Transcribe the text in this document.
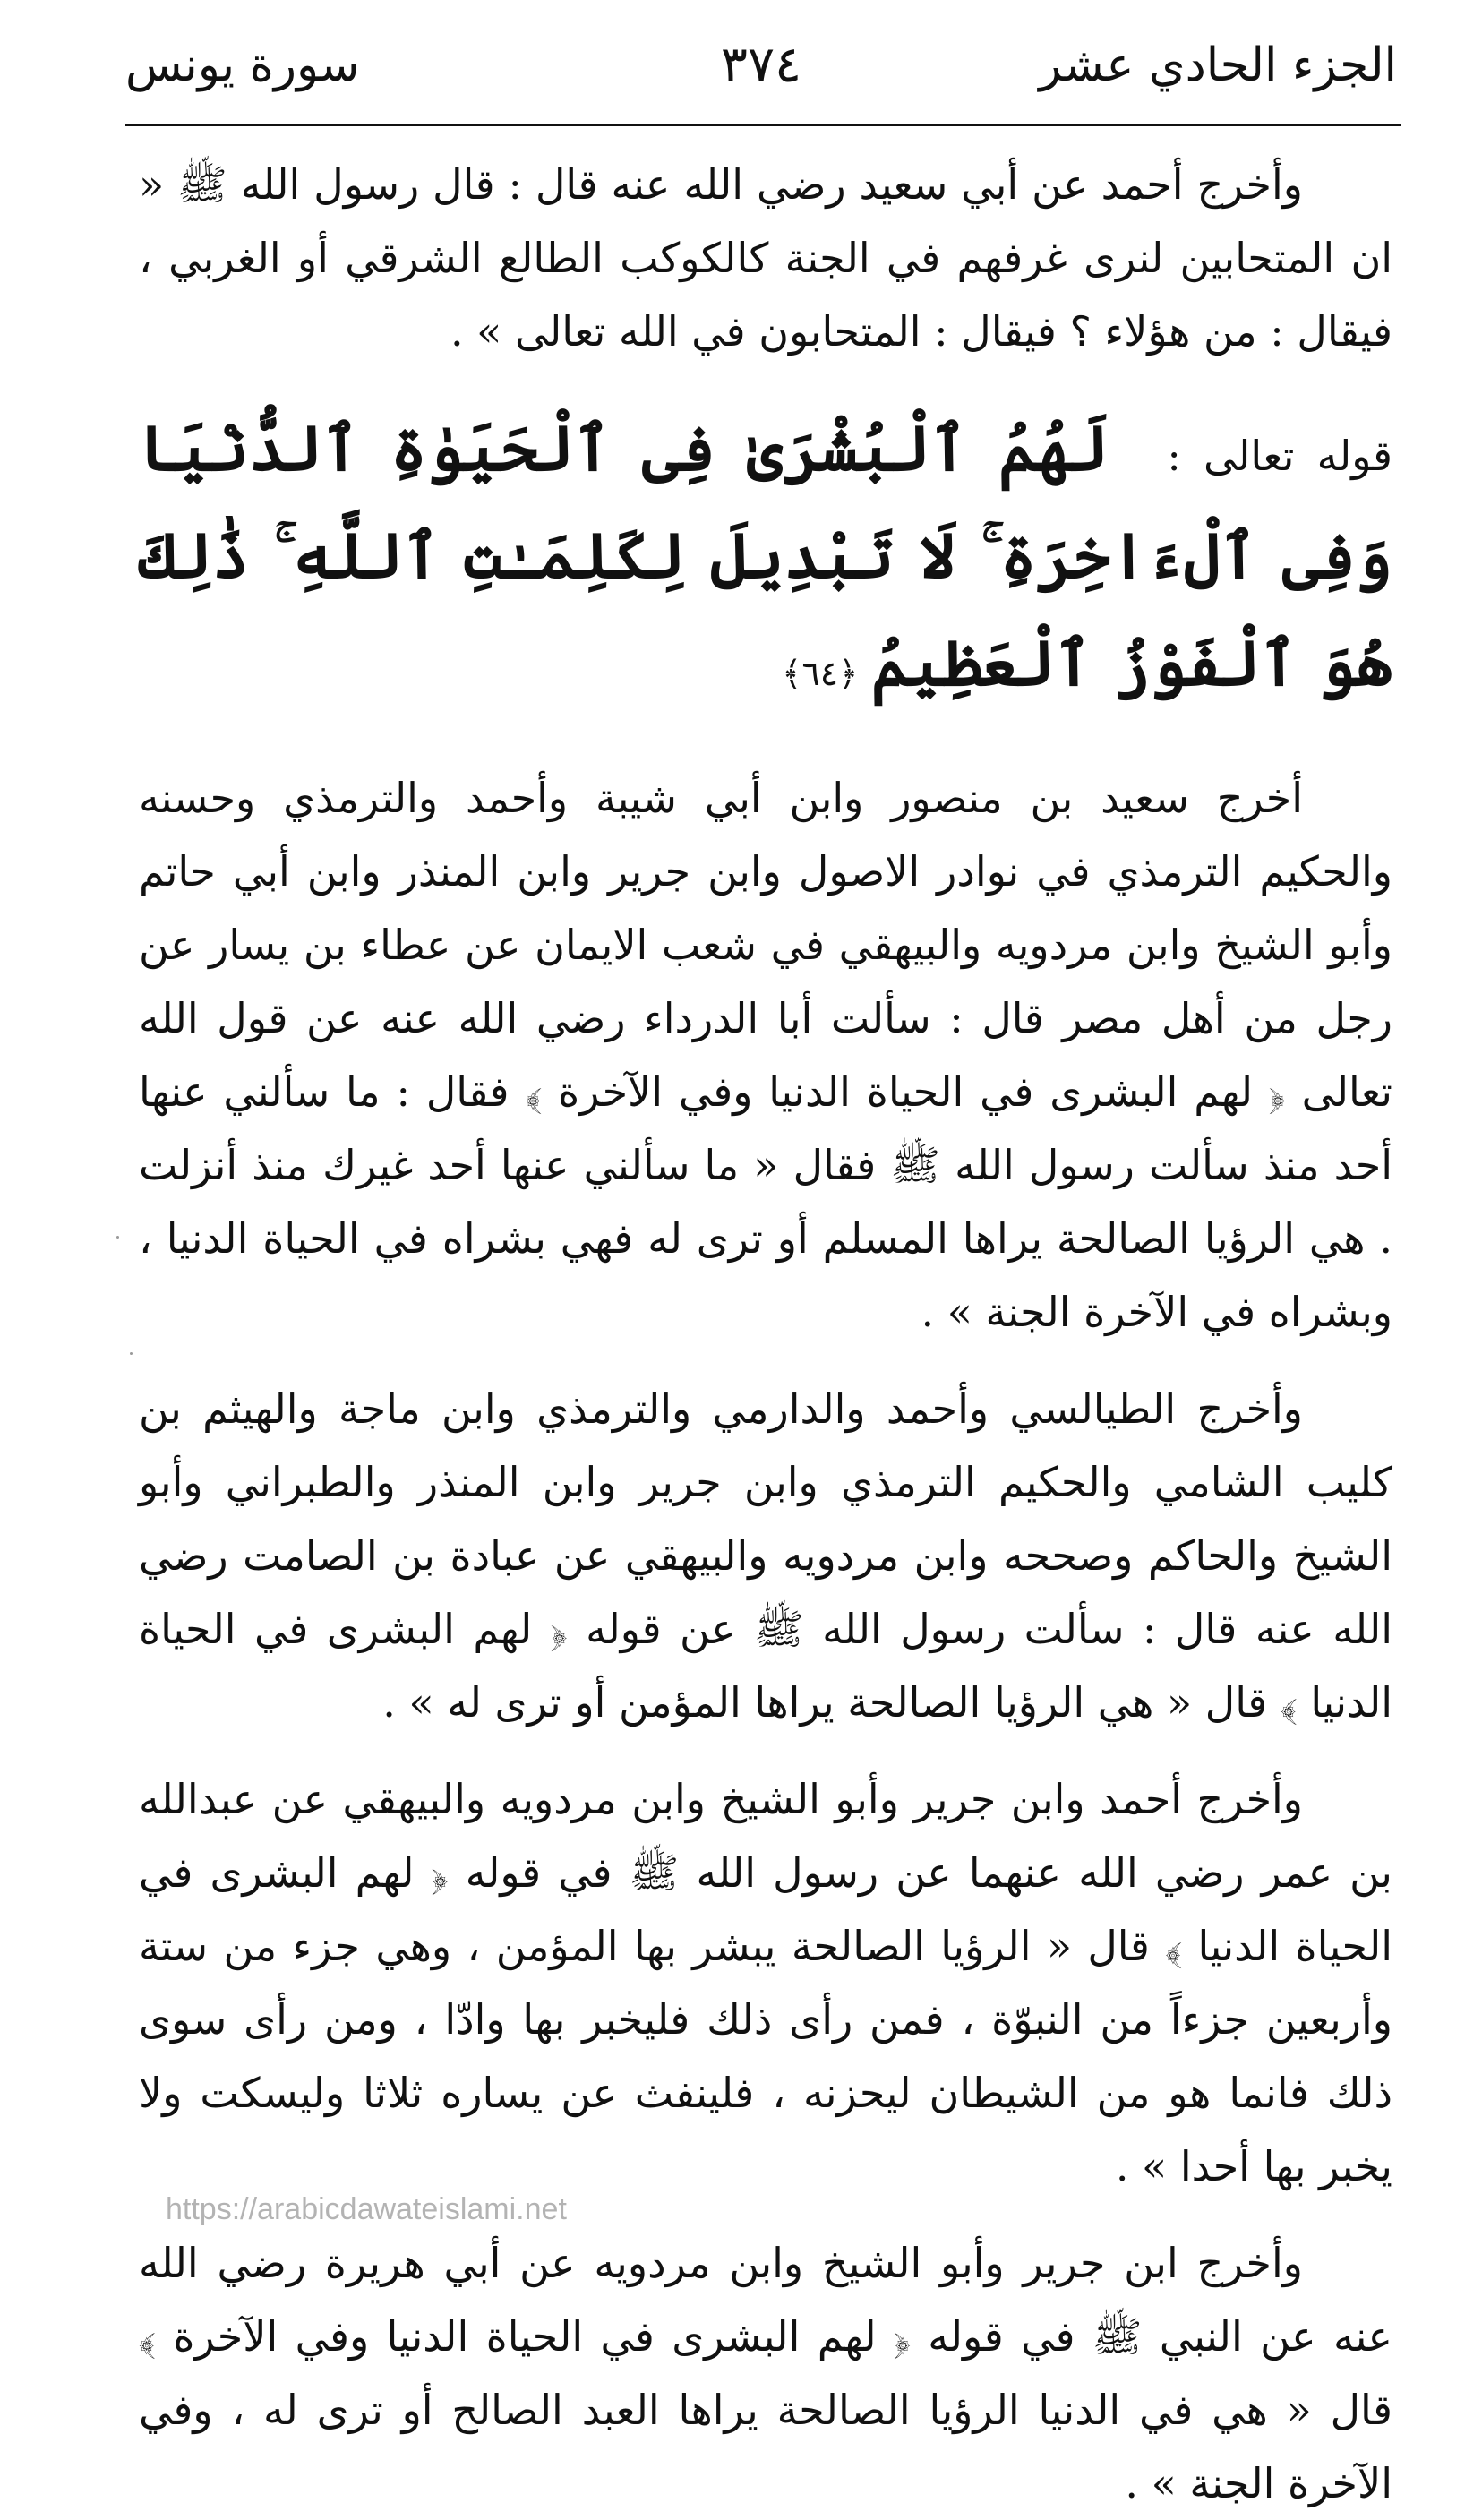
الجزء الحادي عشر
٣٧٤
سورة يونس

وأخرج أحمد عن أبي سعيد رضي الله عنه قال : قال رسول الله ﷺ « ان المتحابين لنرى غرفهم في الجنة كالكوكب الطالع الشرقي أو الغربي ، فيقال : من هؤلاء ؟ فيقال : المتحابون في الله تعالى » .

قوله تعالى : لَهُمُ ٱلْبُشْرَىٰ فِى ٱلْحَيَوٰةِ ٱلدُّنْيَا وَفِى ٱلْءَاخِرَةِ ۚ لَا تَبْدِيلَ لِكَلِمَـٰتِ ٱللَّهِ ۚ ذَٰلِكَ هُوَ ٱلْفَوْزُ ٱلْعَظِيمُ ﴿٦٤﴾

أخرج سعيد بن منصور وابن أبي شيبة وأحمد والترمذي وحسنه والحكيم الترمذي في نوادر الاصول وابن جرير وابن المنذر وابن أبي حاتم وأبو الشيخ وابن مردويه والبيهقي في شعب الايمان عن عطاء بن يسار عن رجل من أهل مصر قال : سألت أبا الدرداء رضي الله عنه عن قول الله تعالى ﴿ لهم البشرى في الحياة الدنيا وفي الآخرة ﴾ فقال : ما سألني عنها أحد منذ سألت رسول الله ﷺ فقال « ما سألني عنها أحد غيرك منذ أنزلت . هي الرؤيا الصالحة يراها المسلم أو ترى له فهي بشراه في الحياة الدنيا ، وبشراه في الآخرة الجنة » .

وأخرج الطيالسي وأحمد والدارمي والترمذي وابن ماجة والهيثم بن كليب الشامي والحكيم الترمذي وابن جرير وابن المنذر والطبراني وأبو الشيخ والحاكم وصححه وابن مردويه والبيهقي عن عبادة بن الصامت رضي الله عنه قال : سألت رسول الله ﷺ عن قوله ﴿ لهم البشرى في الحياة الدنيا ﴾ قال « هي الرؤيا الصالحة يراها المؤمن أو ترى له » .

وأخرج أحمد وابن جرير وأبو الشيخ وابن مردويه والبيهقي عن عبدالله بن عمر رضي الله عنهما عن رسول الله ﷺ في قوله ﴿ لهم البشرى في الحياة الدنيا ﴾ قال « الرؤيا الصالحة يبشر بها المؤمن ، وهي جزء من ستة وأربعين جزءاً من النبوّة ، فمن رأى ذلك فليخبر بها وادّا ، ومن رأى سوى ذلك فانما هو من الشيطان ليحزنه ، فلينفث عن يساره ثلاثا وليسكت ولا يخبر بها أحدا » .

وأخرج ابن جرير وأبو الشيخ وابن مردويه عن أبي هريرة رضي الله عنه عن النبي ﷺ في قوله ﴿ لهم البشرى في الحياة الدنيا وفي الآخرة ﴾ قال « هي في الدنيا الرؤيا الصالحة يراها العبد الصالح أو ترى له ، وفي الآخرة الجنة » .

https://arabicdawateislami.net
